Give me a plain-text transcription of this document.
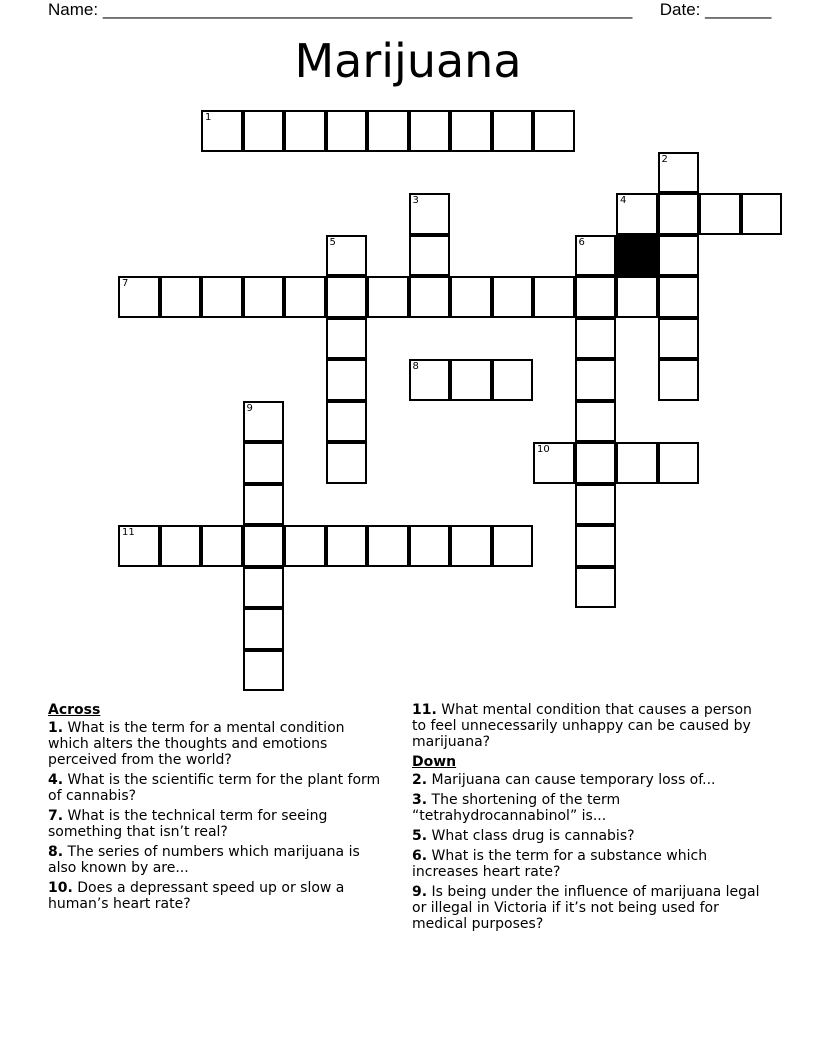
Name: ________________________________________________________ Date: _______
Marijuana
1
4
7
8
10
11
2
3
5	6
9
Across
1. What is the term for a mental condition which alters the thoughts and emotions perceived from the world?
4. What is the scientific term for the plant form of cannabis?
7. What is the technical term for seeing something that isn’t real?
8. The series of numbers which marijuana is also known by are...
10. Does a depressant speed up or slow a human’s heart rate?
11. What mental condition that causes a person to feel unnecessarily unhappy can be caused by marijuana?
Down
2. Marijuana can cause temporary loss of...
3. The shortening of the term “tetrahydrocannabinol” is...
5. What class drug is cannabis?
6. What is the term for a substance which increases heart rate?
9. Is being under the influence of marijuana legal or illegal in Victoria if it’s not being used for medical purposes?
